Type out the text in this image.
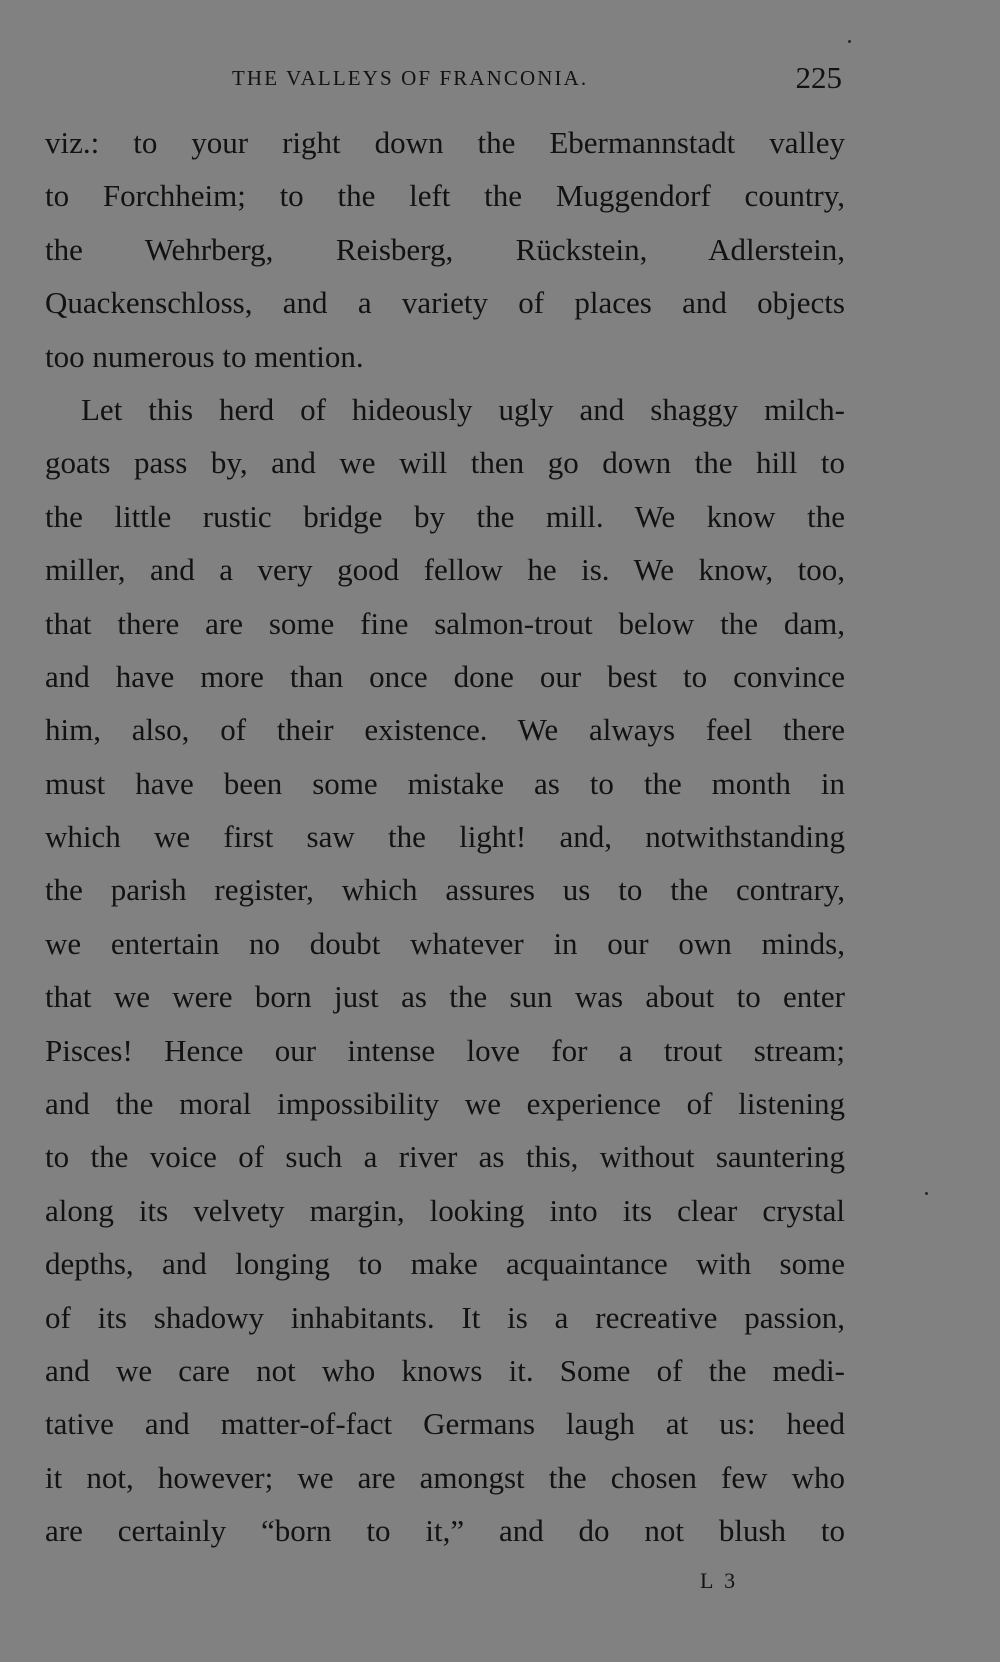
THE VALLEYS OF FRANCONIA.	225
viz.: to your right down the Ebermannstadt valley
to Forchheim; to the left the Muggendorf country,
the Wehrberg, Reisberg, Rückstein, Adlerstein,
Quackenschloss, and a variety of places and objects
too numerous to mention.
Let this herd of hideously ugly and shaggy milch-
goats pass by, and we will then go down the hill to
the little rustic bridge by the mill. We know the
miller, and a very good fellow he is. We know, too,
that there are some fine salmon-trout below the dam,
and have more than once done our best to convince
him, also, of their existence. We always feel there
must have been some mistake as to the month in
which we first saw the light! and, notwithstanding
the parish register, which assures us to the contrary,
we entertain no doubt whatever in our own minds,
that we were born just as the sun was about to enter
Pisces! Hence our intense love for a trout stream;
and the moral impossibility we experience of listening
to the voice of such a river as this, without sauntering
along its velvety margin, looking into its clear crystal
depths, and longing to make acquaintance with some
of its shadowy inhabitants. It is a recreative passion,
and we care not who knows it. Some of the medi-
tative and matter-of-fact Germans laugh at us: heed
it not, however; we are amongst the chosen few who
are certainly “born to it,” and do not blush to
L 3
